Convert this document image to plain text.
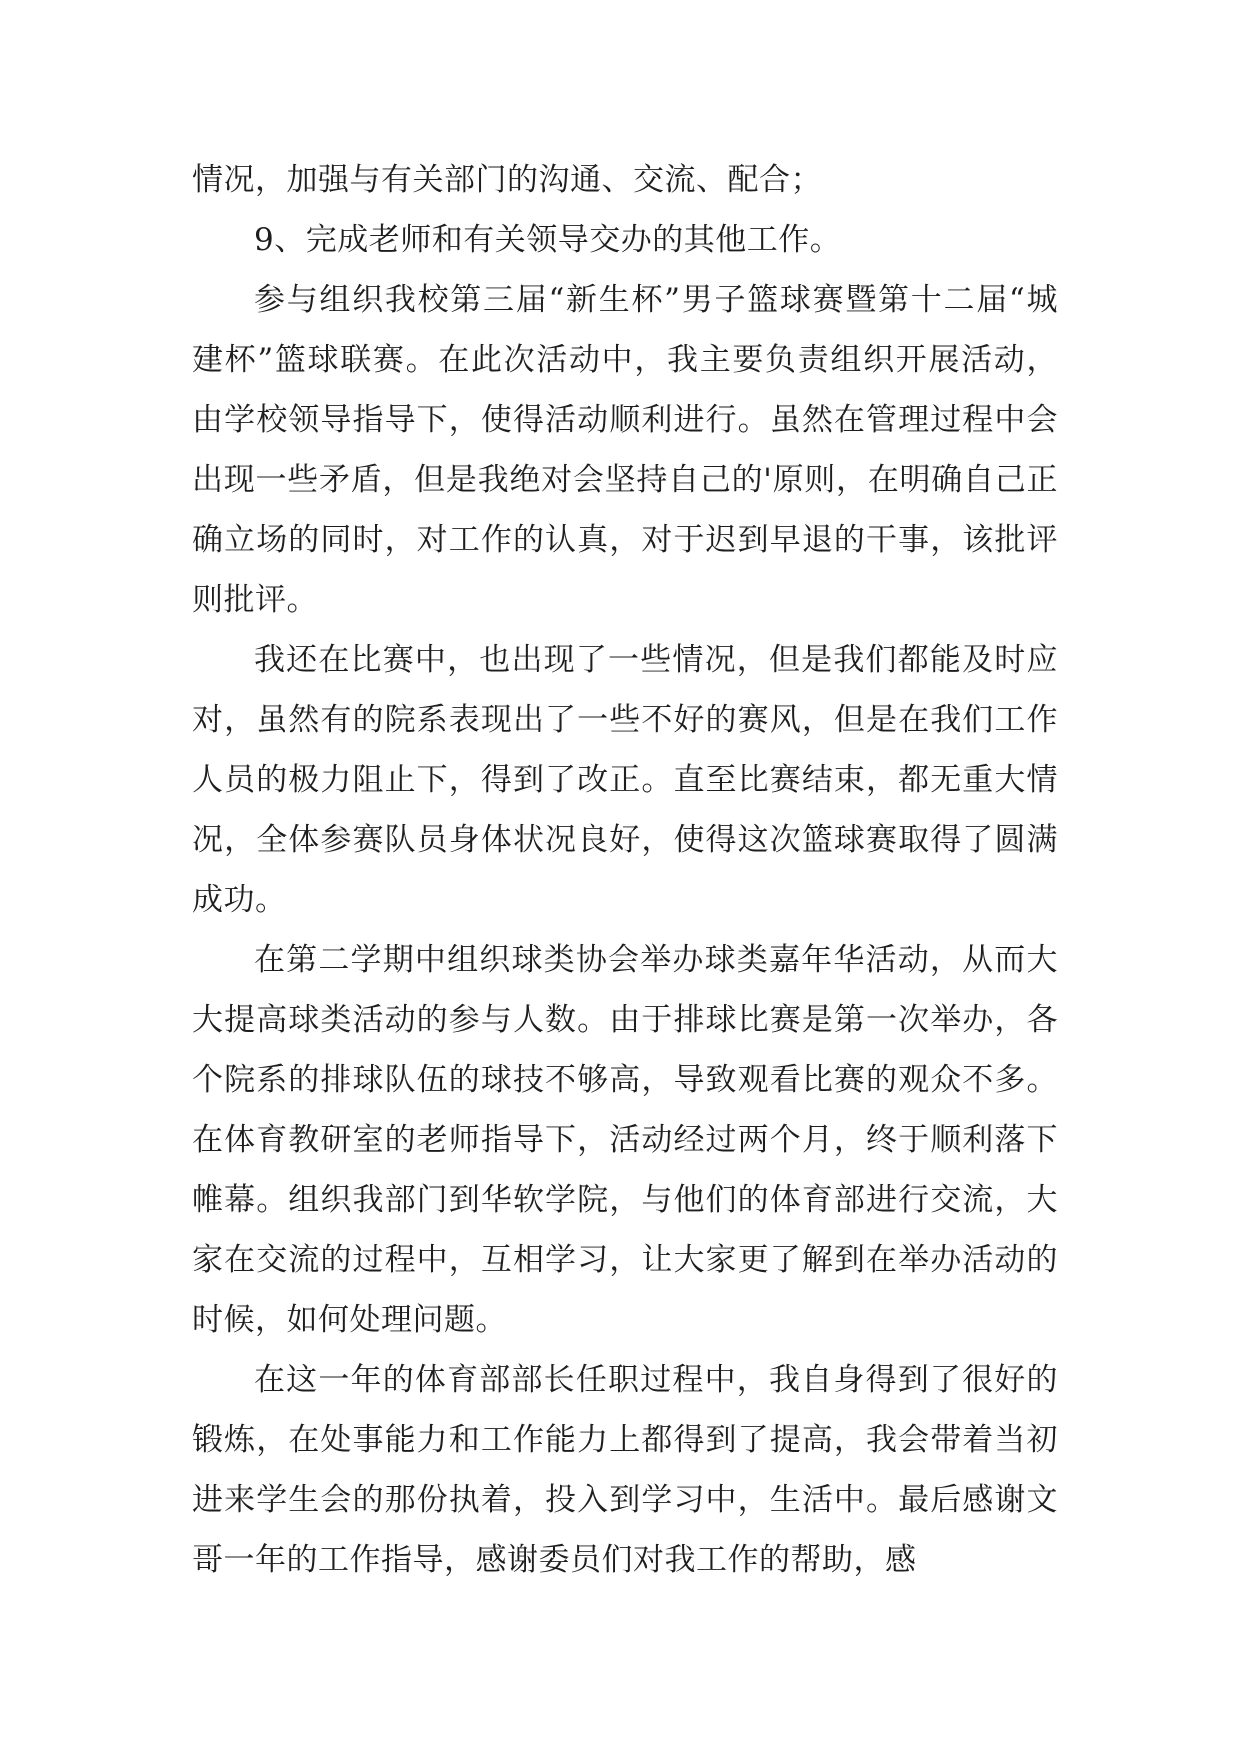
情况，加强与有关部门的沟通、交流、配合；

9、完成老师和有关领导交办的其他工作。

参与组织我校第三届“新生杯”男子篮球赛暨第十二届“城建杯”篮球联赛。在此次活动中，我主要负责组织开展活动，由学校领导指导下，使得活动顺利进行。虽然在管理过程中会出现一些矛盾，但是我绝对会坚持自己的'原则，在明确自己正确立场的同时，对工作的认真，对于迟到早退的干事，该批评则批评。

我还在比赛中，也出现了一些情况，但是我们都能及时应对，虽然有的院系表现出了一些不好的赛风，但是在我们工作人员的极力阻止下，得到了改正。直至比赛结束，都无重大情况，全体参赛队员身体状况良好，使得这次篮球赛取得了圆满成功。

在第二学期中组织球类协会举办球类嘉年华活动，从而大大提高球类活动的参与人数。由于排球比赛是第一次举办，各个院系的排球队伍的球技不够高，导致观看比赛的观众不多。在体育教研室的老师指导下，活动经过两个月，终于顺利落下帷幕。组织我部门到华软学院，与他们的体育部进行交流，大家在交流的过程中，互相学习，让大家更了解到在举办活动的时候，如何处理问题。

在这一年的体育部部长任职过程中，我自身得到了很好的锻炼，在处事能力和工作能力上都得到了提高，我会带着当初进来学生会的那份执着，投入到学习中，生活中。最后感谢文哥一年的工作指导，感谢委员们对我工作的帮助，感
